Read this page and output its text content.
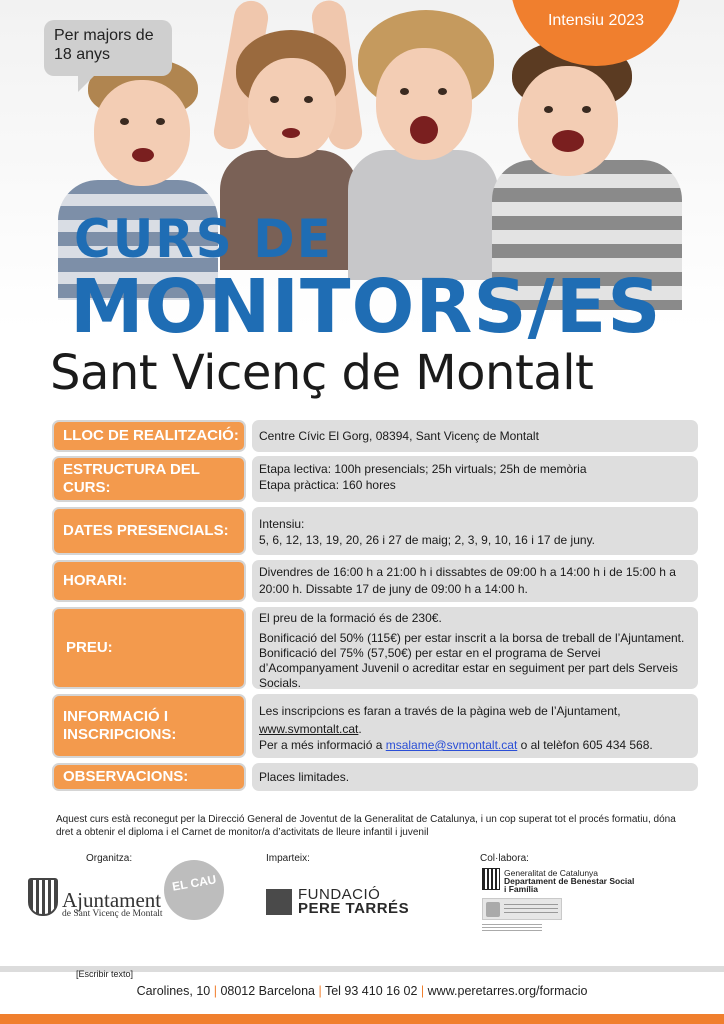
Per majors de
18 anys
Intensiu 2023
CURS DE
MONITORS/ES
Sant Vicenç de Montalt
LLOC DE REALITZACIÓ:	Centre Cívic El Gorg, 08394, Sant Vicenç de Montalt

ESTRUCTURA DEL CURS:

Etapa lectiva: 100h presencials; 25h virtuals; 25h de memòria

Etapa pràctica: 160 hores

DATES PRESENCIALS:	Intensiu:

5, 6, 12, 13, 19, 20, 26 i 27 de maig; 2, 3, 9, 10, 16 i 17 de juny.

HORARI:	Divendres de 16:00 h a 21:00 h i dissabtes de 09:00 h a 14:00 h i de 15:00 h a 20:00 h. Dissabte 17 de juny de 09:00 h a 14:00 h.

PREU:

El preu de la formació és de 230€.

Bonificació del 50% (115€) per estar inscrit a la borsa de treball de l’Ajuntament.

Bonificació del 75% (57,50€) per estar en el programa de Servei d’Acompanyament Juvenil o acreditar estar en seguiment per part dels Serveis Socials.

INFORMACIÓ I
INSCRIPCIONS:

Les inscripcions es faran a través de la pàgina web de l’Ajuntament,

www.svmontalt.cat.

Per a més informació a msalame@svmontalt.cat o al telèfon 605 434 568.

OBSERVACIONS:	Places limitades.

Aquest curs està reconegut per la Direcció General de Joventut de la Generalitat de Catalunya, i un cop superat tot el procés formatiu, dóna dret a obtenir el diploma i el Carnet de monitor/a d’activitats de lleure infantil i juvenil
Organitza:	Imparteix:	Col·labora:
Ajuntament
de Sant Vicenç de Montalt
EL CAU
FUNDACIÓ
PERE TARRÉS
Generalitat de Catalunya
Departament de Benestar Social
i Família
[Escribir texto]
Carolines, 10 | 08012 Barcelona | Tel 93 410 16 02 | www.peretarres.org/formacio
